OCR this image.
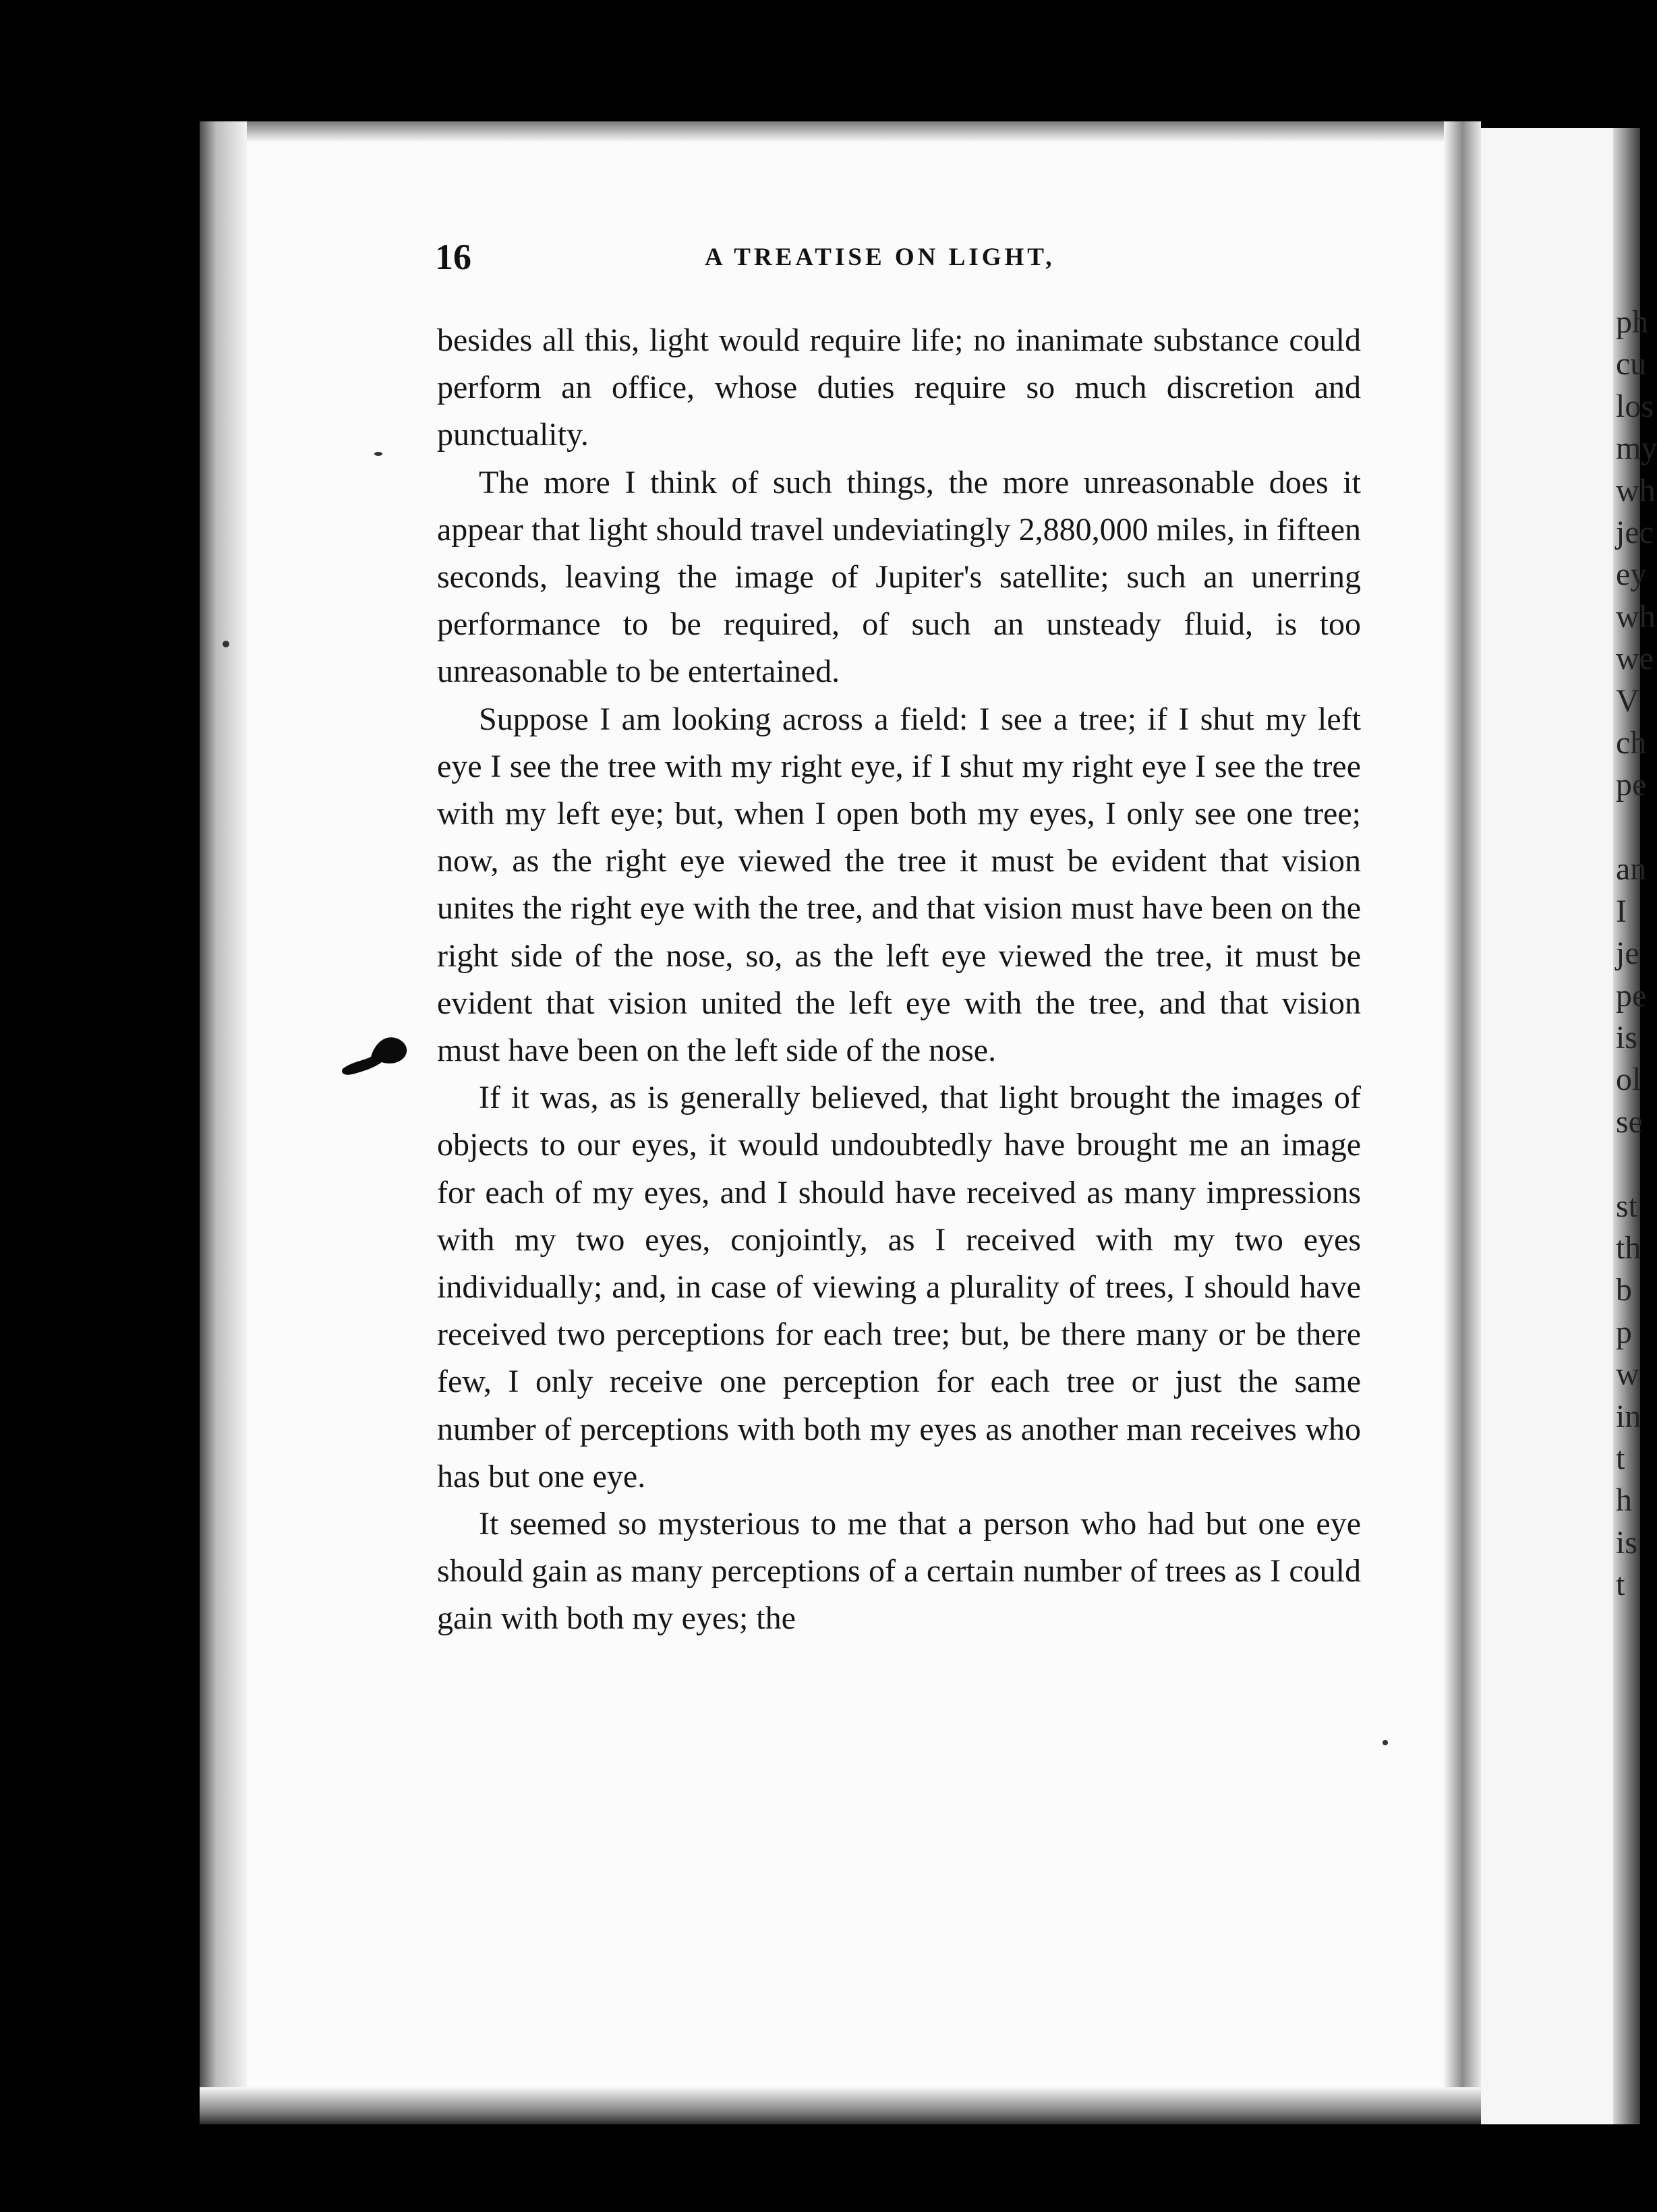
16	A TREATISE ON LIGHT,

besides all this, light would require life; no inanimate substance could perform an office, whose duties require so much discretion and punctuality.

The more I think of such things, the more unreasonable does it appear that light should travel undeviatingly 2,880,000 miles, in fifteen seconds, leaving the image of Jupiter's satellite; such an unerring performance to be required, of such an unsteady fluid, is too unreasonable to be entertained.

Suppose I am looking across a field: I see a tree; if I shut my left eye I see the tree with my right eye, if I shut my right eye I see the tree with my left eye; but, when I open both my eyes, I only see one tree; now, as the right eye viewed the tree it must be evident that vision unites the right eye with the tree, and that vision must have been on the right side of the nose, so, as the left eye viewed the tree, it must be evident that vision united the left eye with the tree, and that vision must have been on the left side of the nose.

If it was, as is generally believed, that light brought the images of objects to our eyes, it would undoubtedly have brought me an image for each of my eyes, and I should have received as many impressions with my two eyes, conjointly, as I received with my two eyes individually; and, in case of viewing a plurality of trees, I should have received two perceptions for each tree; but, be there many or be there few, I only receive one perception for each tree or just the same number of perceptions with both my eyes as another man receives who has but one eye.

It seemed so mysterious to me that a person who had but one eye should gain as many perceptions of a certain number of trees as I could gain with both my eyes; the

ph
cu
los
my
wh
jec
ey
wh
we
V
ch
pe

an
I
je
pe
is
ol
se

st
th
b
p
w
in
t
h
is
t
